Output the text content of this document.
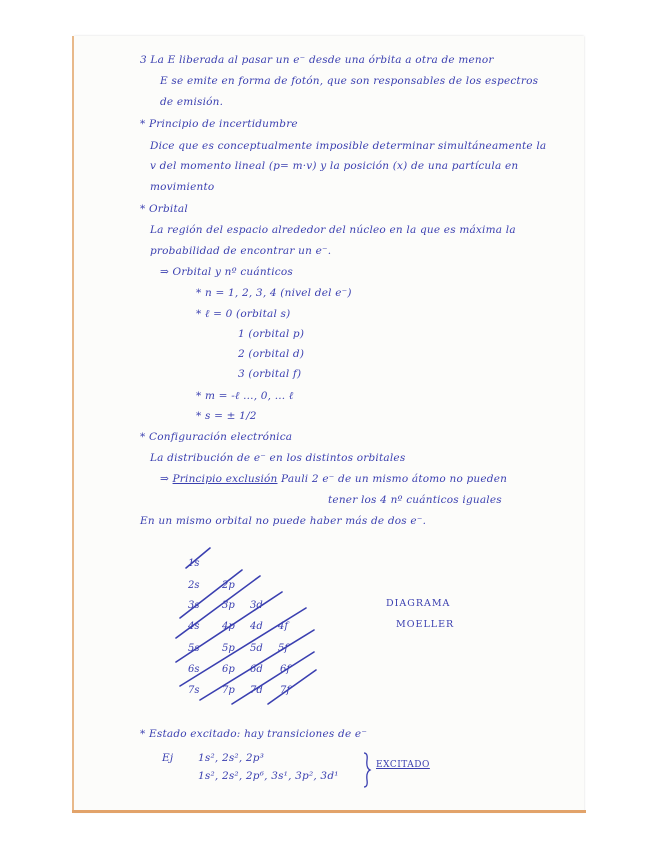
3 La E liberada al pasar un e⁻ desde una órbita a otra de menor
E se emite en forma de fotón, que son responsables de los espectros
de emisión.
* Principio de incertidumbre
Dice que es conceptualmente imposible determinar simultáneamente la
v del momento lineal (p= m·v) y la posición (x) de una partícula en
movimiento
* Orbital
La región del espacio alrededor del núcleo en la que es máxima la
probabilidad de encontrar un e⁻.
⇒ Orbital y nº cuánticos
* n = 1, 2, 3, 4 (nivel del e⁻)
* ℓ = 0 (orbital s)
1 (orbital p)
2 (orbital d)
3 (orbital f)
* m = -ℓ ..., 0, ... ℓ
* s = ± 1/2
* Configuración electrónica
La distribución de e⁻ en los distintos orbitales
⇒ Principio exclusión Pauli 2 e⁻ de un mismo átomo no pueden
tener los 4 nº cuánticos iguales
En un mismo orbital no puede haber más de dos e⁻.
1s
2s 2p
3s 3p 3d
4s 4p 4d 4f
5s 5p 5d 5f
6s 6p 6d 6f
7s 7p 7d 7f
DIAGRAMA
MOELLER
* Estado excitado: hay transiciones de e⁻
Ej 1s², 2s², 2p³
1s², 2s², 2p⁶, 3s¹, 3p², 3d¹
EXCITADO
